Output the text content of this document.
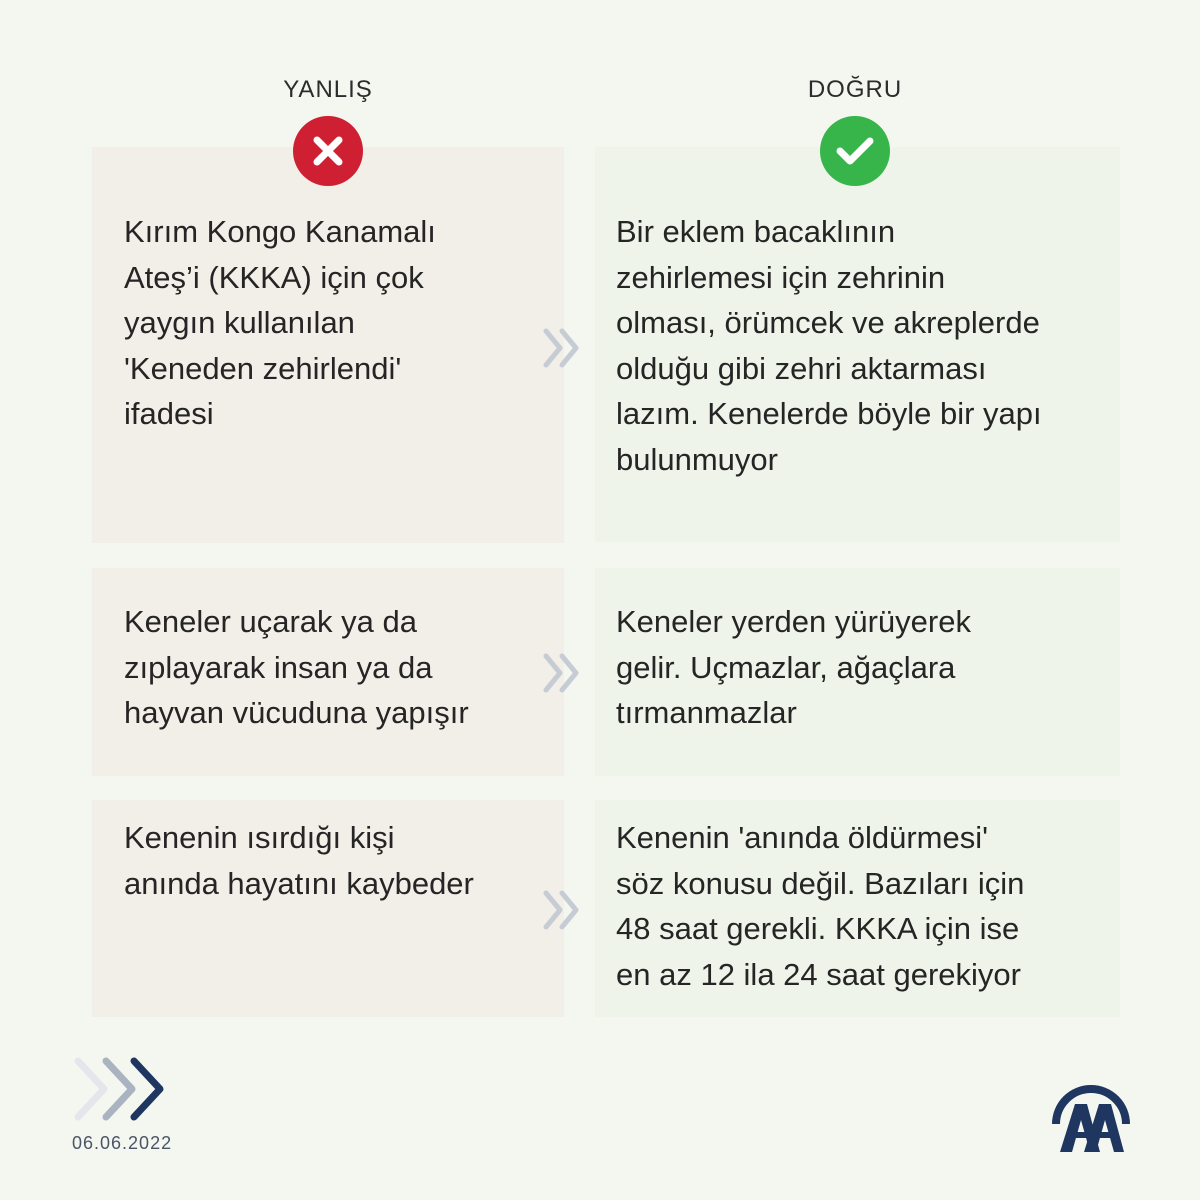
YANLIŞ	DOĞRU

Kırım Kongo Kanamalı
Ateş’i (KKKA) için çok
yaygın kullanılan
'Keneden zehirlendi'
ifadesi

Bir eklem bacaklının
zehirlemesi için zehrinin
olması, örümcek ve akreplerde
olduğu gibi zehri aktarması
lazım. Kenelerde böyle bir yapı
bulunmuyor

Keneler uçarak ya da
zıplayarak insan ya da
hayvan vücuduna yapışır

Keneler yerden yürüyerek
gelir. Uçmazlar, ağaçlara
tırmanmazlar

Kenenin ısırdığı kişi
anında hayatını kaybeder

Kenenin 'anında öldürmesi'
söz konusu değil. Bazıları için
48 saat gerekli. KKKA için ise
en az 12 ila 24 saat gerekiyor

06.06.2022
